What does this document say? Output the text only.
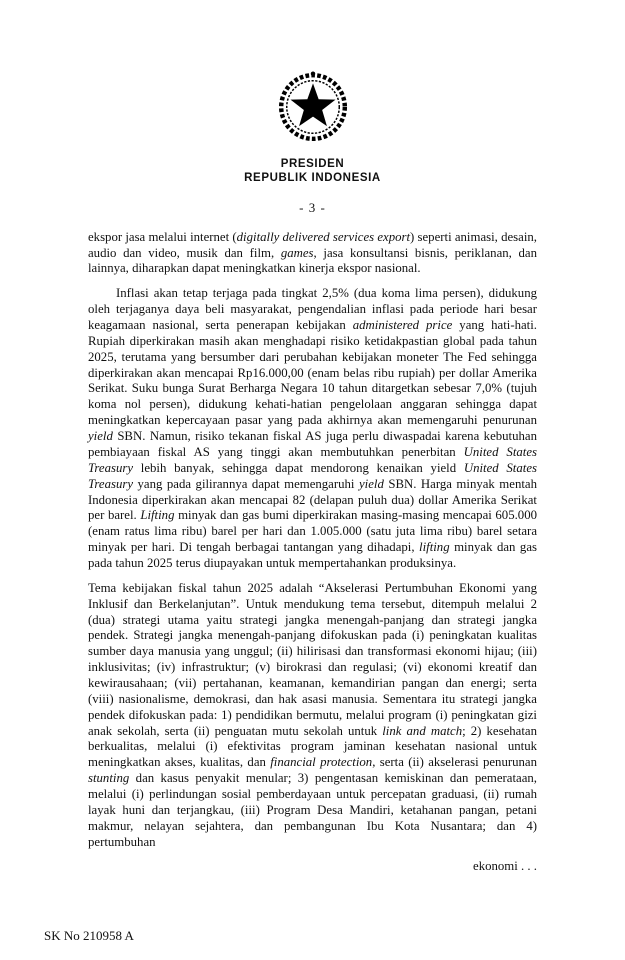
PRESIDEN
REPUBLIK INDONESIA
- 3 -

ekspor jasa melalui internet (digitally delivered services export) seperti animasi, desain, audio dan video, musik dan film, games, jasa konsultansi bisnis, periklanan, dan lainnya, diharapkan dapat meningkatkan kinerja ekspor nasional.

Inflasi akan tetap terjaga pada tingkat 2,5% (dua koma lima persen), didukung oleh terjaganya daya beli masyarakat, pengendalian inflasi pada periode hari besar keagamaan nasional, serta penerapan kebijakan administered price yang hati-hati. Rupiah diperkirakan masih akan menghadapi risiko ketidakpastian global pada tahun 2025, terutama yang bersumber dari perubahan kebijakan moneter The Fed sehingga diperkirakan akan mencapai Rp16.000,00 (enam belas ribu rupiah) per dollar Amerika Serikat. Suku bunga Surat Berharga Negara 10 tahun ditargetkan sebesar 7,0% (tujuh koma nol persen), didukung kehati-hatian pengelolaan anggaran sehingga dapat meningkatkan kepercayaan pasar yang pada akhirnya akan memengaruhi penurunan yield SBN. Namun, risiko tekanan fiskal AS juga perlu diwaspadai karena kebutuhan pembiayaan fiskal AS yang tinggi akan membutuhkan penerbitan United States Treasury lebih banyak, sehingga dapat mendorong kenaikan yield United States Treasury yang pada gilirannya dapat memengaruhi yield SBN. Harga minyak mentah Indonesia diperkirakan akan mencapai 82 (delapan puluh dua) dollar Amerika Serikat per barel. Lifting minyak dan gas bumi diperkirakan masing-masing mencapai 605.000 (enam ratus lima ribu) barel per hari dan 1.005.000 (satu juta lima ribu) barel setara minyak per hari. Di tengah berbagai tantangan yang dihadapi, lifting minyak dan gas pada tahun 2025 terus diupayakan untuk mempertahankan produksinya.

Tema kebijakan fiskal tahun 2025 adalah “Akselerasi Pertumbuhan Ekonomi yang Inklusif dan Berkelanjutan”. Untuk mendukung tema tersebut, ditempuh melalui 2 (dua) strategi utama yaitu strategi jangka menengah-panjang dan strategi jangka pendek. Strategi jangka menengah-panjang difokuskan pada (i) peningkatan kualitas sumber daya manusia yang unggul; (ii) hilirisasi dan transformasi ekonomi hijau; (iii) inklusivitas; (iv) infrastruktur; (v) birokrasi dan regulasi; (vi) ekonomi kreatif dan kewirausahaan; (vii) pertahanan, keamanan, kemandirian pangan dan energi; serta (viii) nasionalisme, demokrasi, dan hak asasi manusia. Sementara itu strategi jangka pendek difokuskan pada: 1) pendidikan bermutu, melalui program (i) peningkatan gizi anak sekolah, serta (ii) penguatan mutu sekolah untuk link and match; 2) kesehatan berkualitas, melalui (i) efektivitas program jaminan kesehatan nasional untuk meningkatkan akses, kualitas, dan financial protection, serta (ii) akselerasi penurunan stunting dan kasus penyakit menular; 3) pengentasan kemiskinan dan pemerataan, melalui (i) perlindungan sosial pemberdayaan untuk percepatan graduasi, (ii) rumah layak huni dan terjangkau, (iii) Program Desa Mandiri, ketahanan pangan, petani makmur, nelayan sejahtera, dan pembangunan Ibu Kota Nusantara; dan 4) pertumbuhan

ekonomi . . .
SK No 210958 A
